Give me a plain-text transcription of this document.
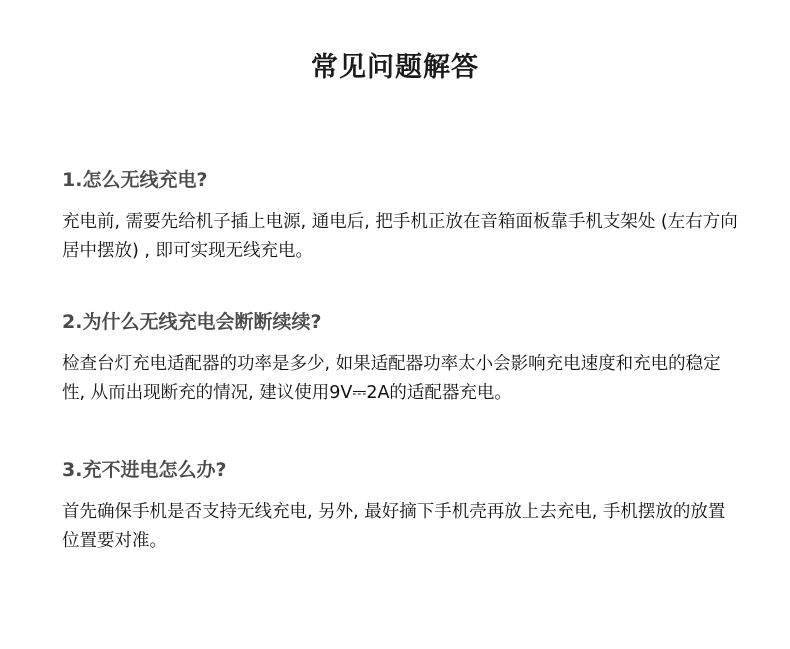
常见问题解答
1.怎么无线充电?

充电前, 需要先给机子插上电源, 通电后, 把手机正放在音箱面板靠手机支架处 (左右方向居中摆放) , 即可实现无线充电。

2.为什么无线充电会断断续续?

检查台灯充电适配器的功率是多少, 如果适配器功率太小会影响充电速度和充电的稳定性, 从而出现断充的情况, 建议使用9V⎓2A的适配器充电。

3.充不进电怎么办?

首先确保手机是否支持无线充电, 另外, 最好摘下手机壳再放上去充电, 手机摆放的放置位置要对准。
